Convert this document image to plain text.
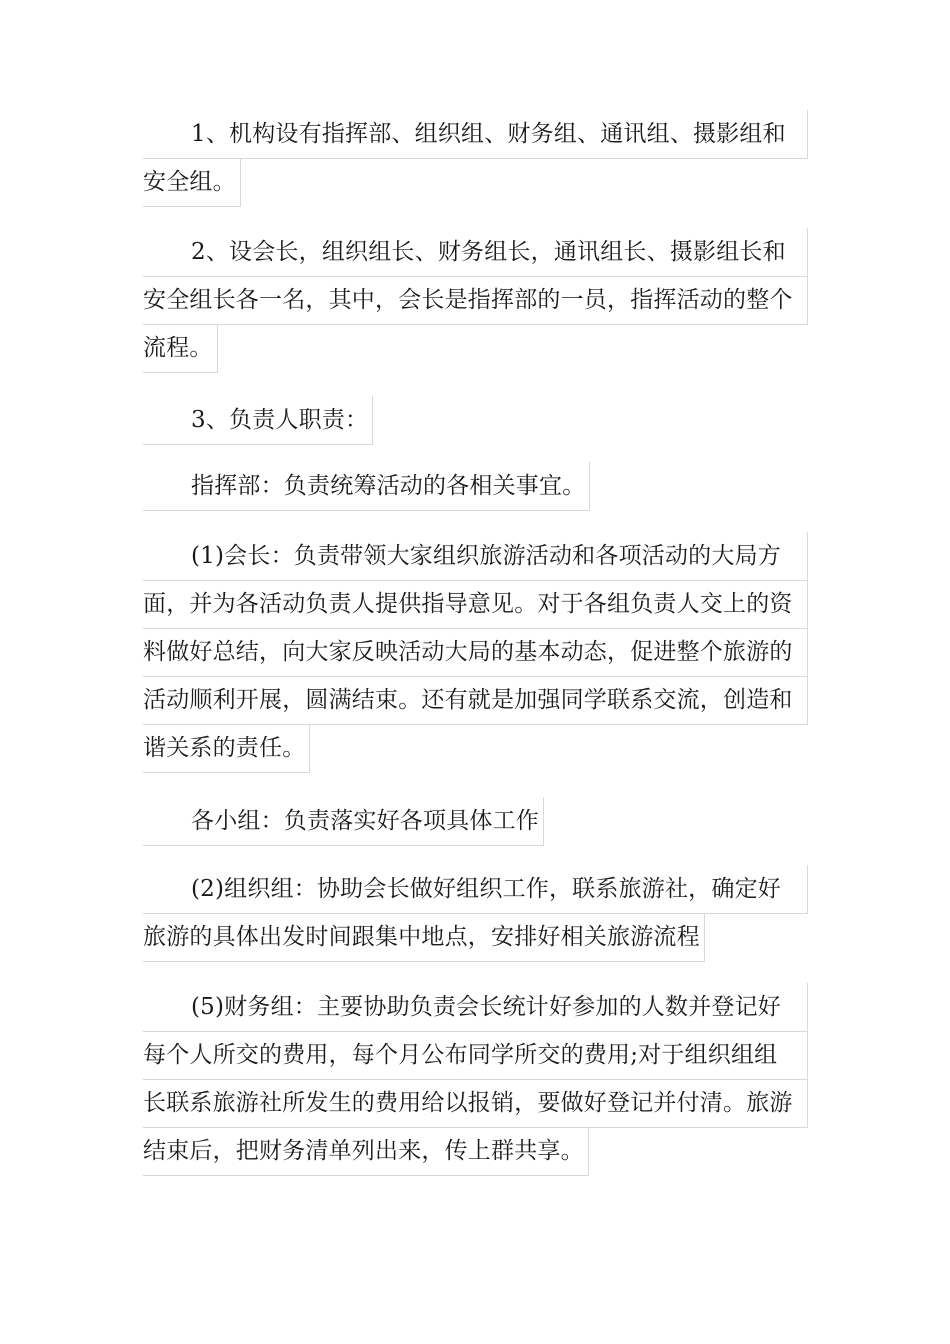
1、机构设有指挥部、组织组、财务组、通讯组、摄影组和
安全组。
2、设会长，组织组长、财务组长，通讯组长、摄影组长和
安全组长各一名，其中，会长是指挥部的一员，指挥活动的整个
流程。
3、负责人职责：
指挥部：负责统筹活动的各相关事宜。
(1)会长：负责带领大家组织旅游活动和各项活动的大局方
面，并为各活动负责人提供指导意见。对于各组负责人交上的资
料做好总结，向大家反映活动大局的基本动态，促进整个旅游的
活动顺利开展，圆满结束。还有就是加强同学联系交流，创造和
谐关系的责任。
各小组：负责落实好各项具体工作
(2)组织组：协助会长做好组织工作，联系旅游社，确定好
旅游的具体出发时间跟集中地点，安排好相关旅游流程
(5)财务组：主要协助负责会长统计好参加的人数并登记好
每个人所交的费用，每个月公布同学所交的费用;对于组织组组
长联系旅游社所发生的费用给以报销，要做好登记并付清。旅游
结束后，把财务清单列出来，传上群共享。
